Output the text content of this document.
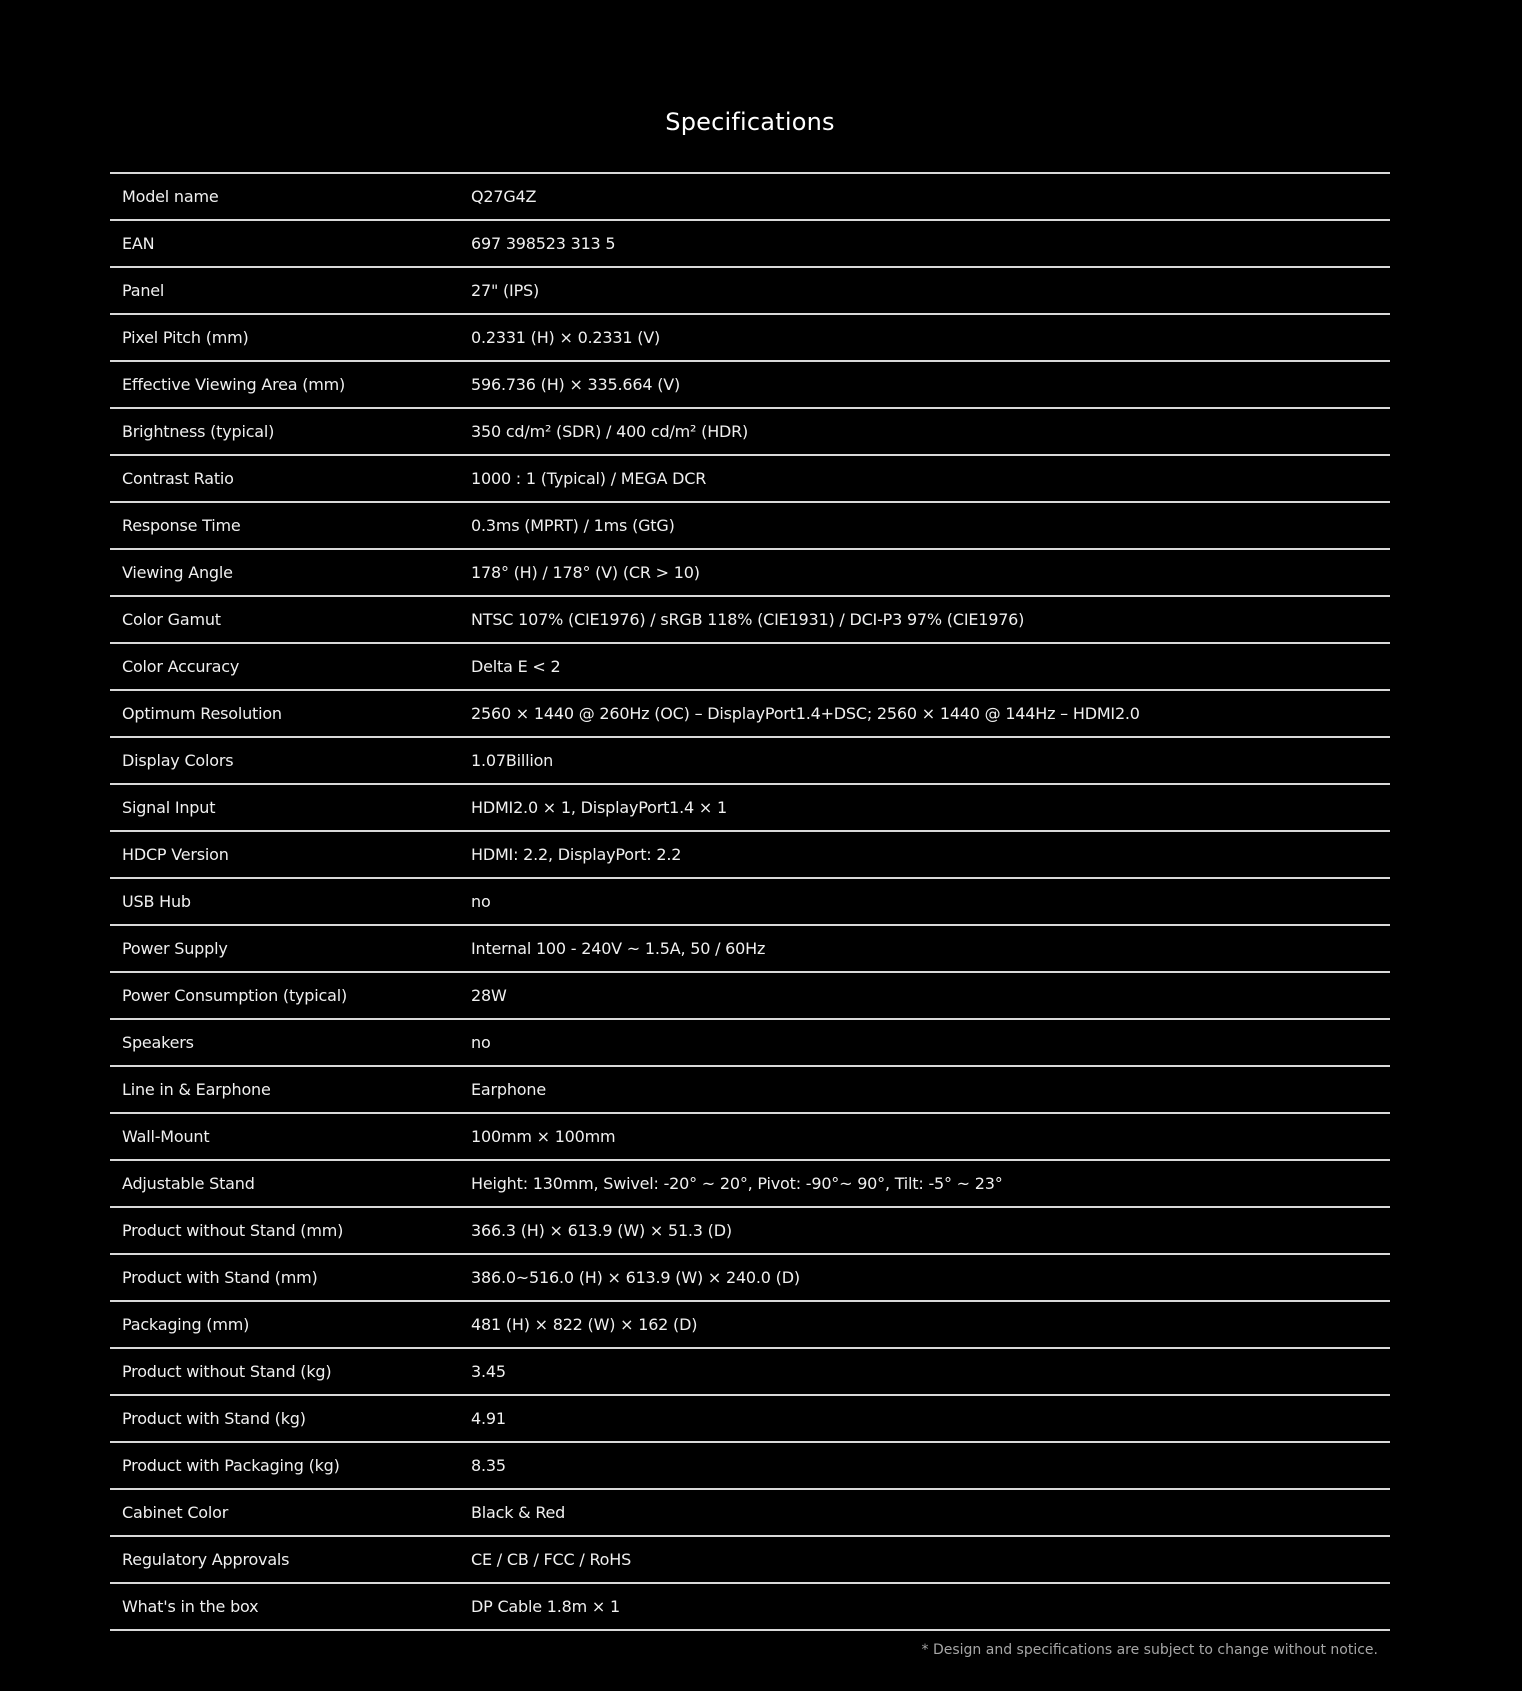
Specifications
Model name	Q27G4Z
EAN	697 398523 313 5
Panel	27" (IPS)
Pixel Pitch (mm)	0.2331 (H) × 0.2331 (V)
Effective Viewing Area (mm)	596.736 (H) × 335.664 (V)
Brightness (typical)	350 cd/m² (SDR) / 400 cd/m² (HDR)
Contrast Ratio	1000 : 1 (Typical) / MEGA DCR
Response Time	0.3ms (MPRT) / 1ms (GtG)
Viewing Angle	178° (H) / 178° (V) (CR > 10)
Color Gamut	NTSC 107% (CIE1976) / sRGB 118% (CIE1931) / DCI-P3 97% (CIE1976)
Color Accuracy	Delta E < 2
Optimum Resolution	2560 × 1440 @ 260Hz (OC) – DisplayPort1.4+DSC; 2560 × 1440 @ 144Hz – HDMI2.0
Display Colors	1.07Billion
Signal Input	HDMI2.0 × 1, DisplayPort1.4 × 1
HDCP Version	HDMI: 2.2, DisplayPort: 2.2
USB Hub	no
Power Supply	Internal 100 - 240V ~ 1.5A, 50 / 60Hz
Power Consumption (typical)	28W
Speakers	no
Line in & Earphone	Earphone
Wall-Mount	100mm × 100mm
Adjustable Stand	Height: 130mm, Swivel: -20° ~ 20°, Pivot: -90°~ 90°, Tilt: -5° ~ 23°
Product without Stand (mm)	366.3 (H) × 613.9 (W) × 51.3 (D)
Product with Stand (mm)	386.0~516.0 (H) × 613.9 (W) × 240.0 (D)
Packaging (mm)	481 (H) × 822 (W) × 162 (D)
Product without Stand (kg)	3.45
Product with Stand (kg)	4.91
Product with Packaging (kg)	8.35
Cabinet Color	Black & Red
Regulatory Approvals	CE / CB / FCC / RoHS
What's in the box	DP Cable 1.8m × 1
* Design and specifications are subject to change without notice.
